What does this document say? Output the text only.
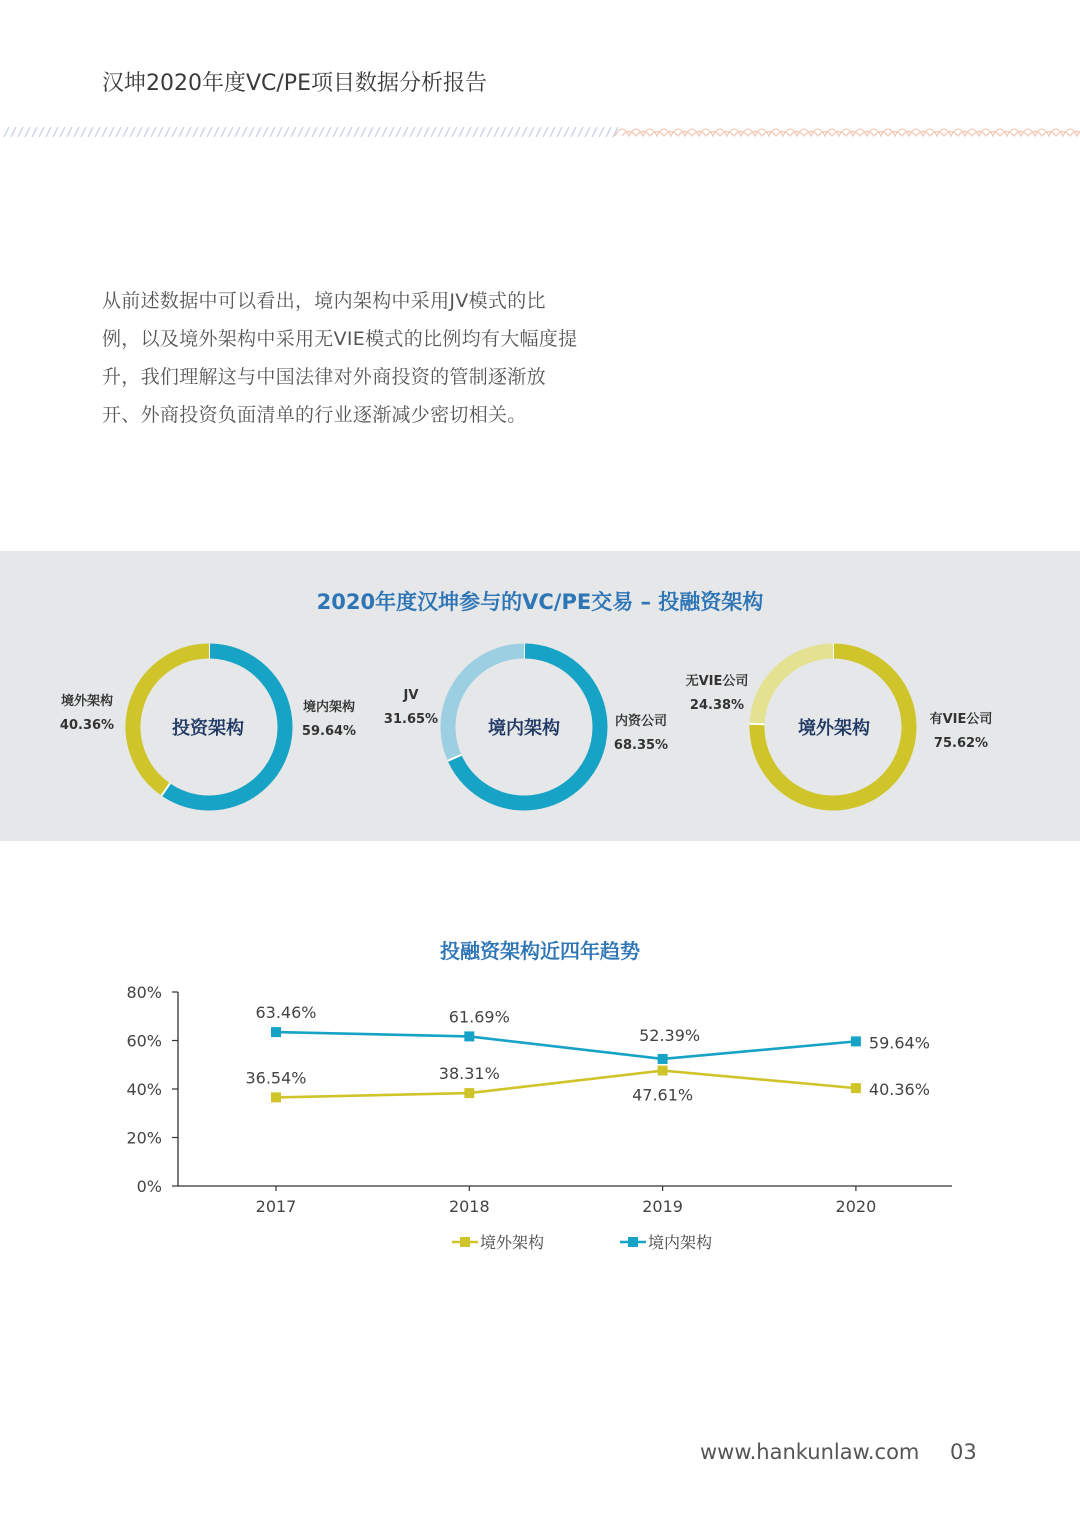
汉坤2020年度VC/PE项目数据分析报告
从前述数据中可以看出，境内架构中采用JV模式的比例，以及境外架构中采用无VIE模式的比例均有大幅度提升，我们理解这与中国法律对外商投资的管制逐渐放开、外商投资负面清单的行业逐渐减少密切相关。
2020年度汉坤参与的VC/PE交易 – 投融资架构
投资架构
境外架构
40.36%
境内架构
59.64%	境内架构
JV
31.65%	内资公司
68.35%
境外架构
无VIE公司
24.38%
有VIE公司
75.62%
投融资架构近四年趋势
0%
20%
40%
60%
80%
2017	2018	2019	2020
36.54%	38.31%
47.61%	40.36%
63.46%	61.69%
52.39%	59.64%
境外架构	境内架构
www.hankunlaw.com 03
